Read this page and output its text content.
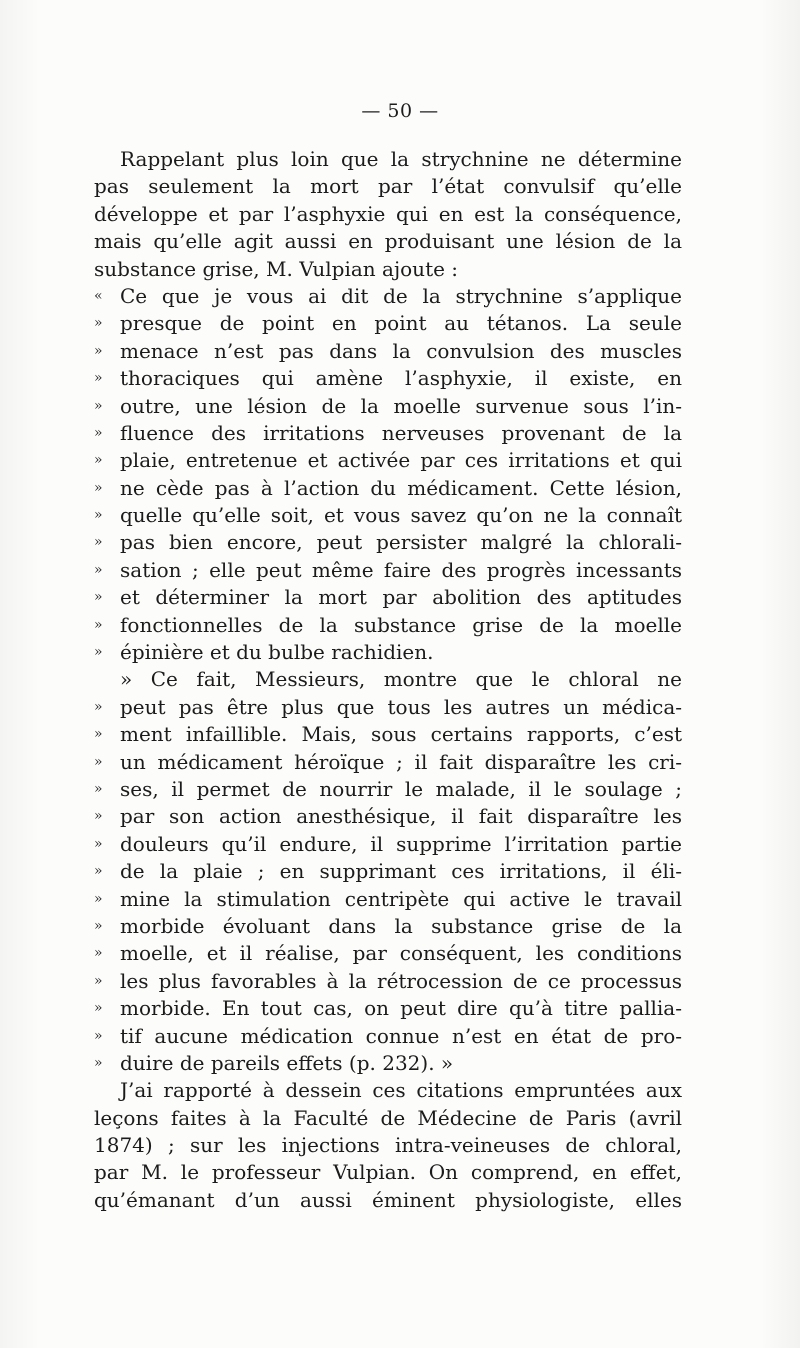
— 50 —
Rappelant plus loin que la strychnine ne détermine
pas seulement la mort par l’état convulsif qu’elle
développe et par l’asphyxie qui en est la conséquence,
mais qu’elle agit aussi en produisant une lésion de la
substance grise, M. Vulpian ajoute :
« Ce que je vous ai dit de la strychnine s’applique
» presque de point en point au tétanos. La seule
» menace n’est pas dans la convulsion des muscles
» thoraciques qui amène l’asphyxie, il existe, en
» outre, une lésion de la moelle survenue sous l’in-
» fluence des irritations nerveuses provenant de la
» plaie, entretenue et activée par ces irritations et qui
» ne cède pas à l’action du médicament. Cette lésion,
» quelle qu’elle soit, et vous savez qu’on ne la connaît
» pas bien encore, peut persister malgré la chlorali-
» sation ; elle peut même faire des progrès incessants
» et déterminer la mort par abolition des aptitudes
» fonctionnelles de la substance grise de la moelle
» épinière et du bulbe rachidien.
» Ce fait, Messieurs, montre que le chloral ne
» peut pas être plus que tous les autres un médica-
» ment infaillible. Mais, sous certains rapports, c’est
» un médicament héroïque ; il fait disparaître les cri-
» ses, il permet de nourrir le malade, il le soulage ;
» par son action anesthésique, il fait disparaître les
» douleurs qu’il endure, il supprime l’irritation partie
» de la plaie ; en supprimant ces irritations, il éli-
» mine la stimulation centripète qui active le travail
» morbide évoluant dans la substance grise de la
» moelle, et il réalise, par conséquent, les conditions
» les plus favorables à la rétrocession de ce processus
» morbide. En tout cas, on peut dire qu’à titre pallia-
» tif aucune médication connue n’est en état de pro-
» duire de pareils effets (p. 232). »
J’ai rapporté à dessein ces citations empruntées aux
leçons faites à la Faculté de Médecine de Paris (avril
1874) ; sur les injections intra-veineuses de chloral,
par M. le professeur Vulpian. On comprend, en effet,
qu’émanant d’un aussi éminent physiologiste, elles
